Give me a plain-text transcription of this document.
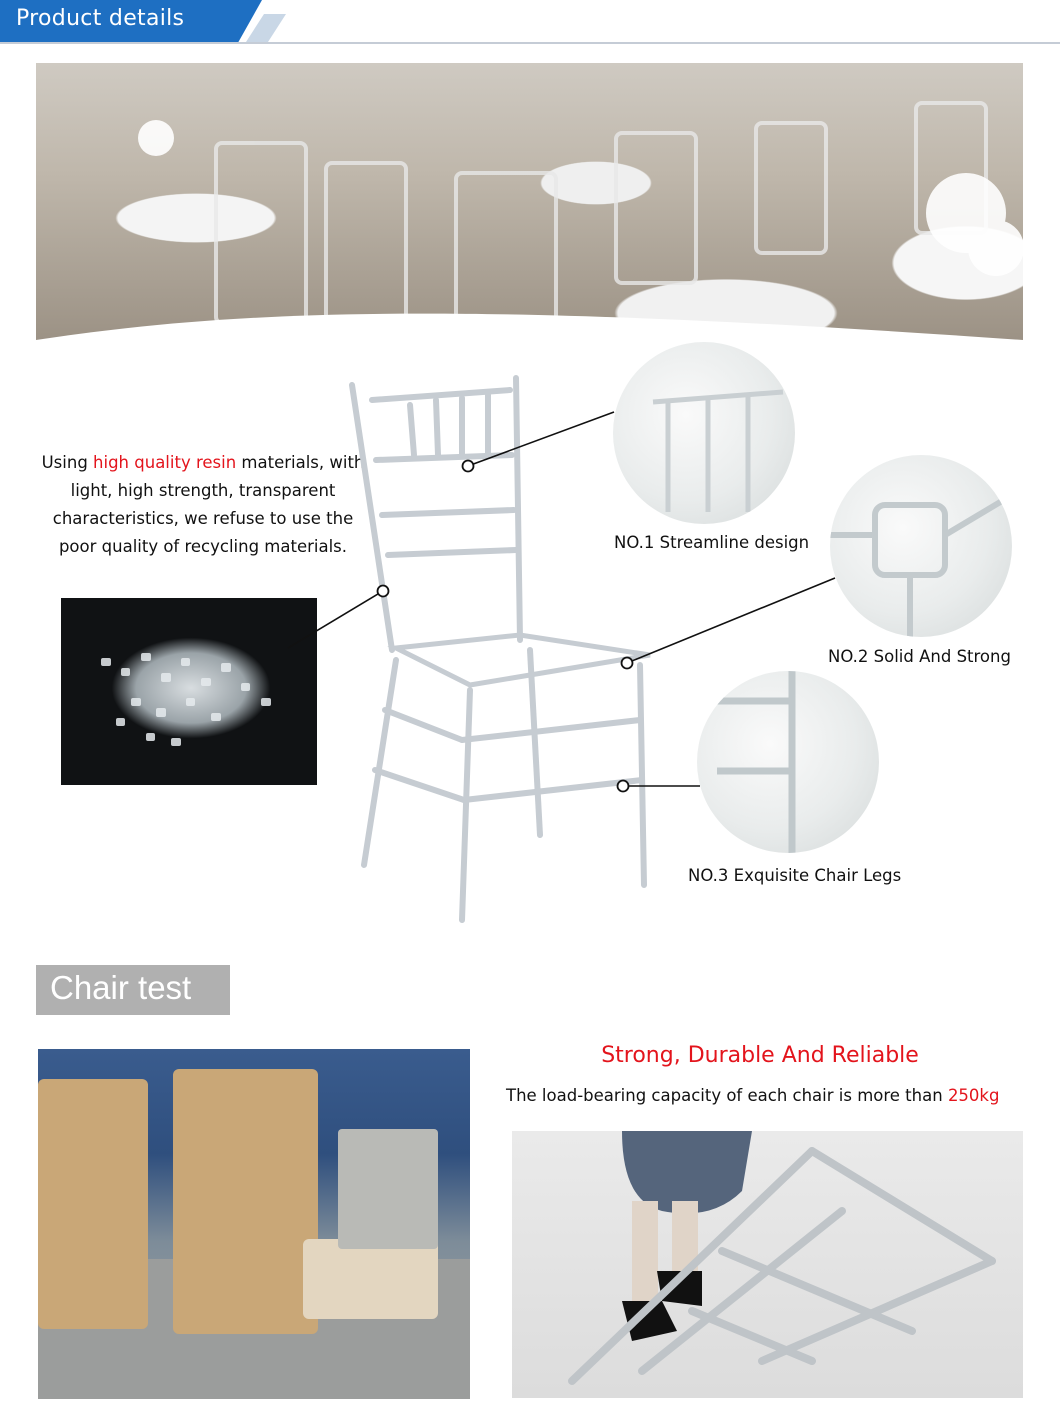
Product details
Using high quality resin materials, with light, high strength, transparent characteristics, we refuse to use the poor quality of recycling materials.	NO.1 Streamline design
NO.2 Solid And Strong
NO.3 Exquisite Chair Legs
Chair test
Strong, Durable And Reliable
The load-bearing capacity of each chair is more than 250kg
